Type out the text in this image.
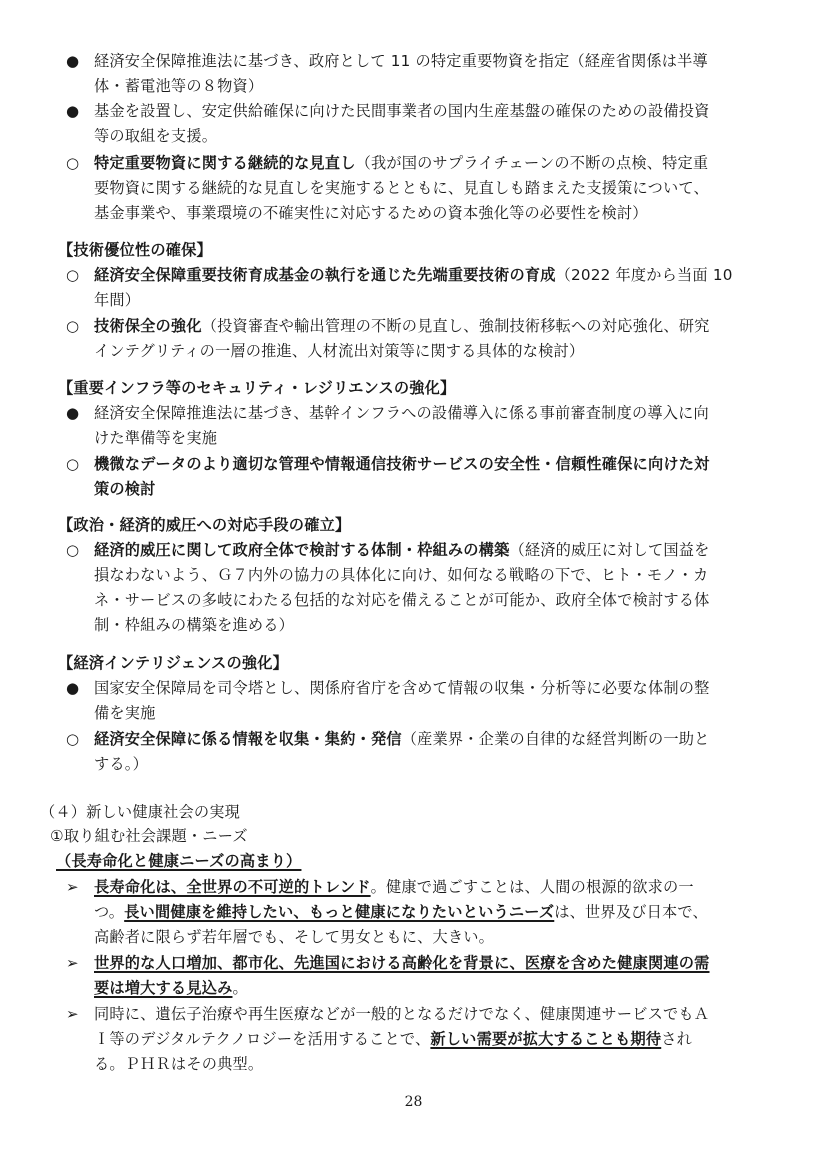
● 経済安全保障推進法に基づき、政府として 11 の特定重要物資を指定（経産省関係は半導
体・蓄電池等の８物資）
● 基金を設置し、安定供給確保に向けた民間事業者の国内生産基盤の確保のための設備投資
等の取組を支援。
○ 特定重要物資に関する継続的な見直し（我が国のサプライチェーンの不断の点検、特定重
要物資に関する継続的な見直しを実施するとともに、見直しも踏まえた支援策について、
基金事業や、事業環境の不確実性に対応するための資本強化等の必要性を検討）
【技術優位性の確保】
○ 経済安全保障重要技術育成基金の執行を通じた先端重要技術の育成（2022 年度から当面 10
年間）
○ 技術保全の強化（投資審査や輸出管理の不断の見直し、強制技術移転への対応強化、研究
インテグリティの一層の推進、人材流出対策等に関する具体的な検討）
【重要インフラ等のセキュリティ・レジリエンスの強化】
● 経済安全保障推進法に基づき、基幹インフラへの設備導入に係る事前審査制度の導入に向
けた準備等を実施
○ 機微なデータのより適切な管理や情報通信技術サービスの安全性・信頼性確保に向けた対
策の検討
【政治・経済的威圧への対応手段の確立】
○ 経済的威圧に関して政府全体で検討する体制・枠組みの構築（経済的威圧に対して国益を
損なわないよう、Ｇ７内外の協力の具体化に向け、如何なる戦略の下で、ヒト・モノ・カ
ネ・サービスの多岐にわたる包括的な対応を備えることが可能か、政府全体で検討する体
制・枠組みの構築を進める）
【経済インテリジェンスの強化】
● 国家安全保障局を司令塔とし、関係府省庁を含めて情報の収集・分析等に必要な体制の整
備を実施
○ 経済安全保障に係る情報を収集・集約・発信（産業界・企業の自律的な経営判断の一助と
する。）
（４）新しい健康社会の実現
①取り組む社会課題・ニーズ
（長寿命化と健康ニーズの高まり）
➢ 長寿命化は、全世界の不可逆的トレンド。健康で過ごすことは、人間の根源的欲求の一
つ。長い間健康を維持したい、もっと健康になりたいというニーズは、世界及び日本で、
高齢者に限らず若年層でも、そして男女ともに、大きい。
➢ 世界的な人口増加、都市化、先進国における高齢化を背景に、医療を含めた健康関連の需
要は増大する見込み。
➢ 同時に、遺伝子治療や再生医療などが一般的となるだけでなく、健康関連サービスでもＡ
Ｉ等のデジタルテクノロジーを活用することで、新しい需要が拡大することも期待され
る。ＰＨＲはその典型。
28
